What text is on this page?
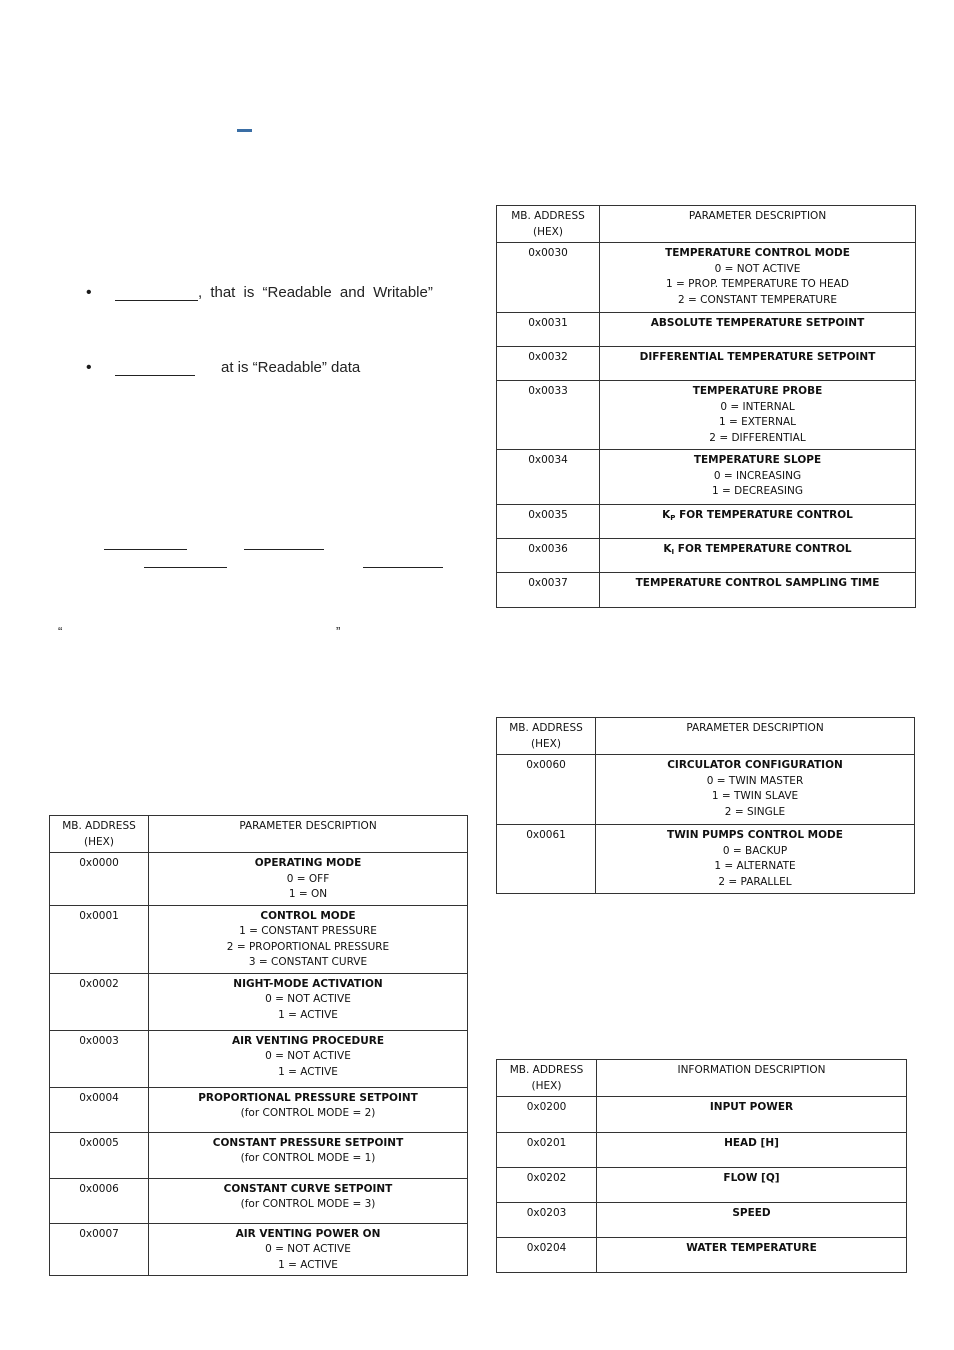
•	, that is “Readable and Writable”
•	at is “Readable” data
“	”
MB. ADDRESS (HEX)	PARAMETER DESCRIPTION
0x0030	TEMPERATURE CONTROL MODE
0 = NOT ACTIVE
1 = PROP. TEMPERATURE TO HEAD
2 = CONSTANT TEMPERATURE

0x0031	ABSOLUTE TEMPERATURE SETPOINT
0x0032	DIFFERENTIAL TEMPERATURE SETPOINT
0x0033	TEMPERATURE PROBE
0 = INTERNAL
1 = EXTERNAL
2 = DIFFERENTIAL

0x0034	TEMPERATURE SLOPE
0 = INCREASING
1 = DECREASING

0x0035	$K_P$ FOR TEMPERATURE CONTROL
0x0036	$K_I$ FOR TEMPERATURE CONTROL
0x0037	TEMPERATURE CONTROL SAMPLING TIME
MB. ADDRESS (HEX)	PARAMETER DESCRIPTION
0x0060	CIRCULATOR CONFIGURATION
0 = TWIN MASTER
1 = TWIN SLAVE
2 = SINGLE

0x0061	TWIN PUMPS CONTROL MODE
0 = BACKUP
1 = ALTERNATE
2 = PARALLEL
MB. ADDRESS (HEX)	PARAMETER DESCRIPTION
0x0000	OPERATING MODE
0 = OFF
1 = ON

0x0001	CONTROL MODE
1 = CONSTANT PRESSURE
2 = PROPORTIONAL PRESSURE
3 = CONSTANT CURVE

0x0002	NIGHT-MODE ACTIVATION
0 = NOT ACTIVE
1 = ACTIVE

0x0003	AIR VENTING PROCEDURE
0 = NOT ACTIVE
1 = ACTIVE

0x0004	PROPORTIONAL PRESSURE SETPOINT
(for CONTROL MODE = 2)

0x0005	CONSTANT PRESSURE SETPOINT
(for CONTROL MODE = 1)

0x0006	CONSTANT CURVE SETPOINT
(for CONTROL MODE = 3)

0x0007	AIR VENTING POWER ON
0 = NOT ACTIVE
1 = ACTIVE
MB. ADDRESS (HEX)	INFORMATION DESCRIPTION
0x0200	INPUT POWER
0x0201	HEAD [H]
0x0202	FLOW [Q]
0x0203	SPEED
0x0204	WATER TEMPERATURE
